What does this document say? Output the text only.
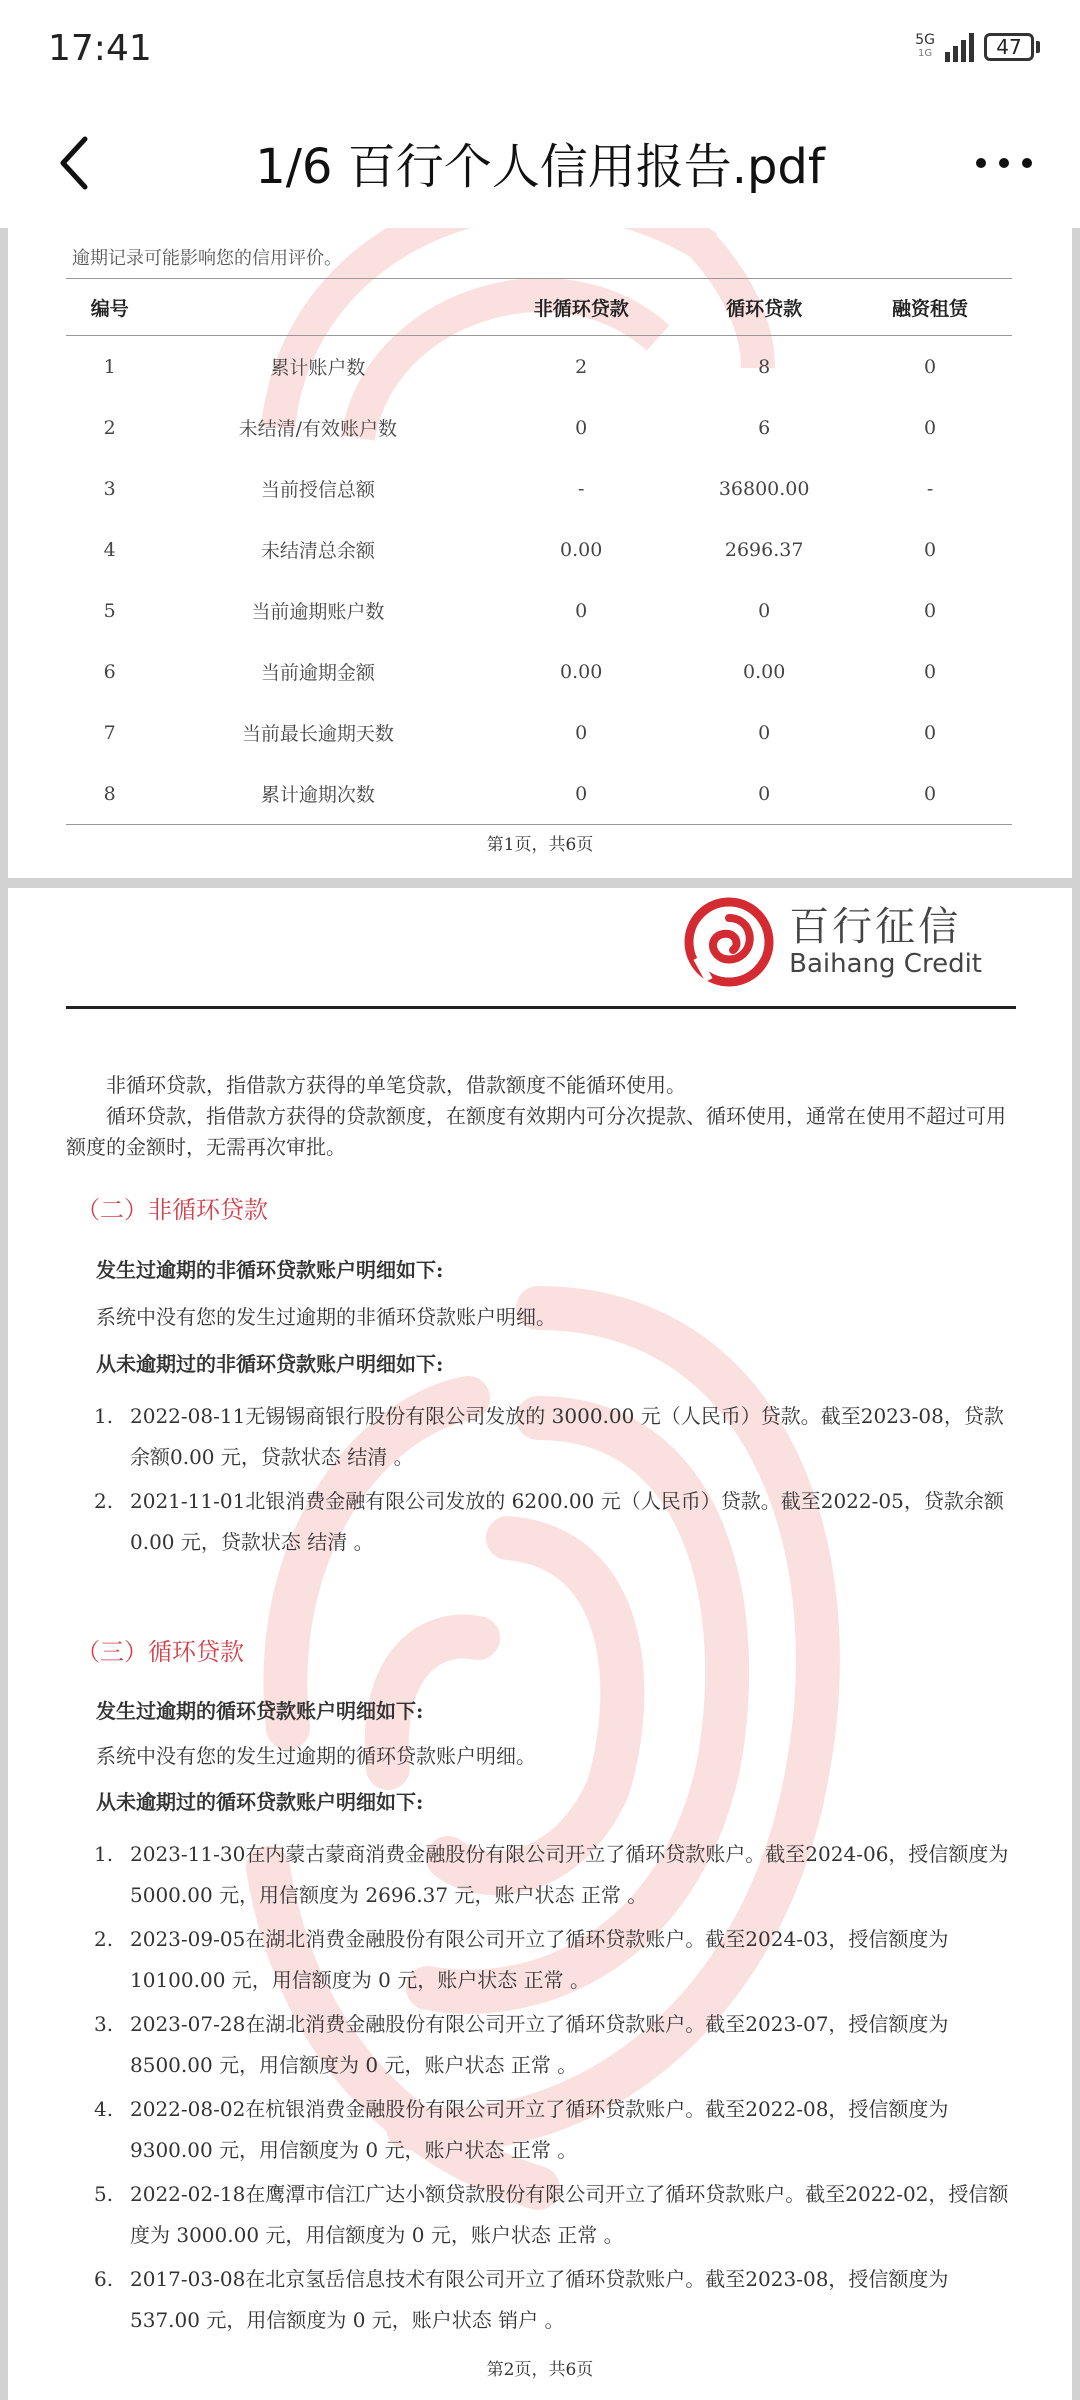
17:41	5G
1G	47
1/6 百行个人信用报告.pdf
逾期记录可能影响您的信用评价。
编号		非循环贷款	循环贷款	融资租赁
1	累计账户数	2	8	0
2	未结清/有效账户数	0	6	0
3	当前授信总额	-	36800.00	-
4	未结清总余额	0.00	2696.37	0
5	当前逾期账户数	0	0	0
6	当前逾期金额	0.00	0.00	0
7	当前最长逾期天数	0	0	0
8	累计逾期次数	0	0	0
第1页，共6页
百行征信
Baihang Credit

非循环贷款，指借款方获得的单笔贷款，借款额度不能循环使用。

循环贷款，指借款方获得的贷款额度，在额度有效期内可分次提款、循环使用，通常在使用不超过可用额度的金额时，无需再次审批。

（二）非循环贷款
发生过逾期的非循环贷款账户明细如下:
系统中没有您的发生过逾期的非循环贷款账户明细。
从未逾期过的非循环贷款账户明细如下:
1. 2022-08-11无锡锡商银行股份有限公司发放的 3000.00 元（人民币）贷款。截至2023-08，贷款余额0.00 元，贷款状态 结清 。
2. 2021-11-01北银消费金融有限公司发放的 6200.00 元（人民币）贷款。截至2022-05，贷款余额 0.00 元，贷款状态 结清 。
（三）循环贷款
发生过逾期的循环贷款账户明细如下:
系统中没有您的发生过逾期的循环贷款账户明细。
从未逾期过的循环贷款账户明细如下:
1. 2023-11-30在内蒙古蒙商消费金融股份有限公司开立了循环贷款账户。截至2024-06，授信额度为 5000.00 元，用信额度为 2696.37 元，账户状态 正常 。
2. 2023-09-05在湖北消费金融股份有限公司开立了循环贷款账户。截至2024-03，授信额度为 10100.00 元，用信额度为 0 元，账户状态 正常 。
3. 2023-07-28在湖北消费金融股份有限公司开立了循环贷款账户。截至2023-07，授信额度为 8500.00 元，用信额度为 0 元，账户状态 正常 。
4. 2022-08-02在杭银消费金融股份有限公司开立了循环贷款账户。截至2022-08，授信额度为 9300.00 元，用信额度为 0 元，账户状态 正常 。
5. 2022-02-18在鹰潭市信江广达小额贷款股份有限公司开立了循环贷款账户。截至2022-02，授信额度为 3000.00 元，用信额度为 0 元，账户状态 正常 。
6. 2017-03-08在北京氢岳信息技术有限公司开立了循环贷款账户。截至2023-08，授信额度为 537.00 元，用信额度为 0 元，账户状态 销户 。
第2页，共6页
